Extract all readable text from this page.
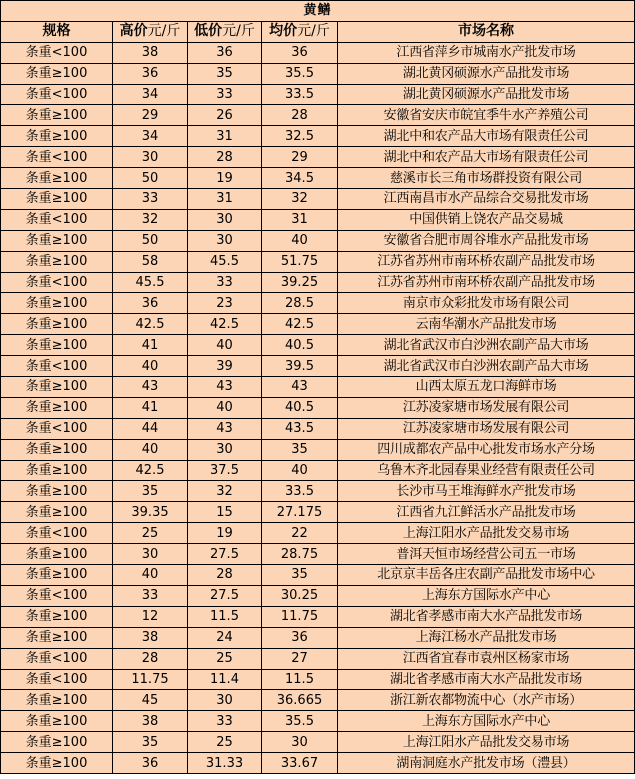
黄鳝				
规格	高价元/斤	低价元/斤	均价元/斤	市场名称
条重<100	38	36	36	江西省萍乡市城南水产批发市场
条重≥100	36	35	35.5	湖北黄冈硕源水产品批发市场
条重<100	34	33	33.5	湖北黄冈硕源水产品批发市场
条重≥100	29	26	28	安徽省安庆市皖宜季牛水产养殖公司
条重≥100	34	31	32.5	湖北中和农产品大市场有限责任公司
条重<100	30	28	29	湖北中和农产品大市场有限责任公司
条重≥100	50	19	34.5	慈溪市长三角市场群投资有限公司
条重≥100	33	31	32	江西南昌市水产品综合交易批发市场
条重<100	32	30	31	中国供销上饶农产品交易城
条重≥100	50	30	40	安徽省合肥市周谷堆水产品批发市场
条重≥100	58	45.5	51.75	江苏省苏州市南环桥农副产品批发市场
条重<100	45.5	33	39.25	江苏省苏州市南环桥农副产品批发市场
条重≥100	36	23	28.5	南京市众彩批发市场有限公司
条重≥100	42.5	42.5	42.5	云南华潮水产品批发市场
条重≥100	41	40	40.5	湖北省武汉市白沙洲农副产品大市场
条重<100	40	39	39.5	湖北省武汉市白沙洲农副产品大市场
条重≥100	43	43	43	山西太原五龙口海鲜市场
条重≥100	41	40	40.5	江苏凌家塘市场发展有限公司
条重<100	44	43	43.5	江苏凌家塘市场发展有限公司
条重≥100	40	30	35	四川成都农产品中心批发市场水产分场
条重≥100	42.5	37.5	40	乌鲁木齐北园春果业经营有限责任公司
条重≥100	35	32	33.5	长沙市马王堆海鲜水产批发市场
条重≥100	39.35	15	27.175	江西省九江鲜活水产品批发市场
条重<100	25	19	22	上海江阳水产品批发交易市场
条重≥100	30	27.5	28.75	普洱天恒市场经营公司五一市场
条重≥100	40	28	35	北京京丰岳各庄农副产品批发市场中心
条重<100	33	27.5	30.25	上海东方国际水产中心
条重≥100	12	11.5	11.75	湖北省孝感市南大水产品批发市场
条重≥100	38	24	36	上海江杨水产品批发市场
条重<100	28	25	27	江西省宜春市袁州区杨家市场
条重<100	11.75	11.4	11.5	湖北省孝感市南大水产品批发市场
条重≥100	45	30	36.665	浙江新农都物流中心（水产市场）
条重≥100	38	33	35.5	上海东方国际水产中心
条重≥100	35	25	30	上海江阳水产品批发交易市场
条重≥100	36	31.33	33.67	湖南洞庭水产批发市场（澧县）
